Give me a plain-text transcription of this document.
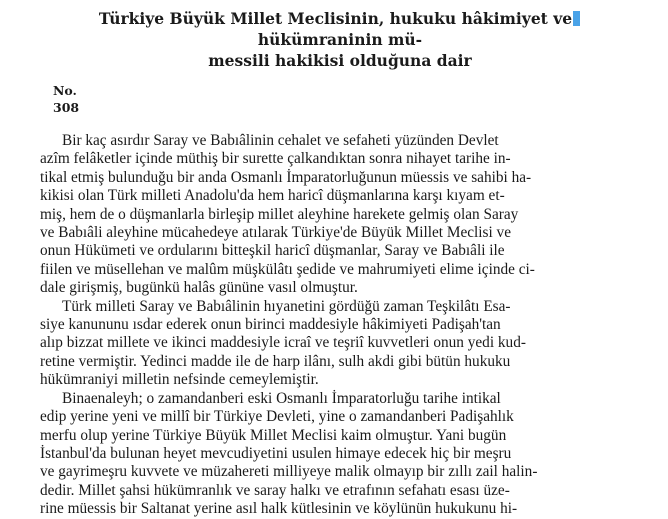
Türkiye Büyük Millet Meclisinin, hukuku hâkimiyet vehükümraninin mü-
messili hakikisi olduğuna dair
No.
308

Bir kaç asırdır Saray ve Babıâlinin cehalet ve sefaheti yüzünden Devlet
azîm felâketler içinde müthiş bir surette çalkandıktan sonra nihayet tarihe in-
tikal etmiş bulunduğu bir anda Osmanlı İmparatorluğunun müessis ve sahibi ha-
kikisi olan Türk milleti Anadolu'da hem haricî düşmanlarına karşı kıyam et-
miş, hem de o düşmanlarla birleşip millet aleyhine harekete gelmiş olan Saray
ve Babıâli aleyhine mücahedeye atılarak Türkiye'de Büyük Millet Meclisi ve
onun Hükümeti ve ordularını bitteşkil haricî düşmanlar, Saray ve Babıâli ile
fiilen ve müsellehan ve malûm müşkülâtı şedide ve mahrumiyeti elime içinde ci-
dale girişmiş, bugünkü halâs gününe vasıl olmuştur.

Türk milleti Saray ve Babıâlinin hıyanetini gördüğü zaman Teşkilâtı Esa-
siye kanununu ısdar ederek onun birinci maddesiyle hâkimiyeti Padişah'tan
alıp bizzat millete ve ikinci maddesiyle icraî ve teşriî kuvvetleri onun yedi kud-
retine vermiştir. Yedinci madde ile de harp ilânı, sulh akdi gibi bütün hukuku
hükümraniyi milletin nefsinde cemeylemiştir.

Binaenaleyh; o zamandanberi eski Osmanlı İmparatorluğu tarihe intikal
edip yerine yeni ve millî bir Türkiye Devleti, yine o zamandanberi Padişahlık
merfu olup yerine Türkiye Büyük Millet Meclisi kaim olmuştur. Yani bugün
İstanbul'da bulunan heyet mevcudiyetini usulen himaye edecek hiç bir meşru
ve gayrimeşru kuvvete ve müzahereti milliyeye malik olmayıp bir zıllı zail halin-
dedir. Millet şahsi hükümranlık ve saray halkı ve etrafının sefahatı esası üze-
rine müessis bir Saltanat yerine asıl halk kütlesinin ve köylünün hukukunu hi-
